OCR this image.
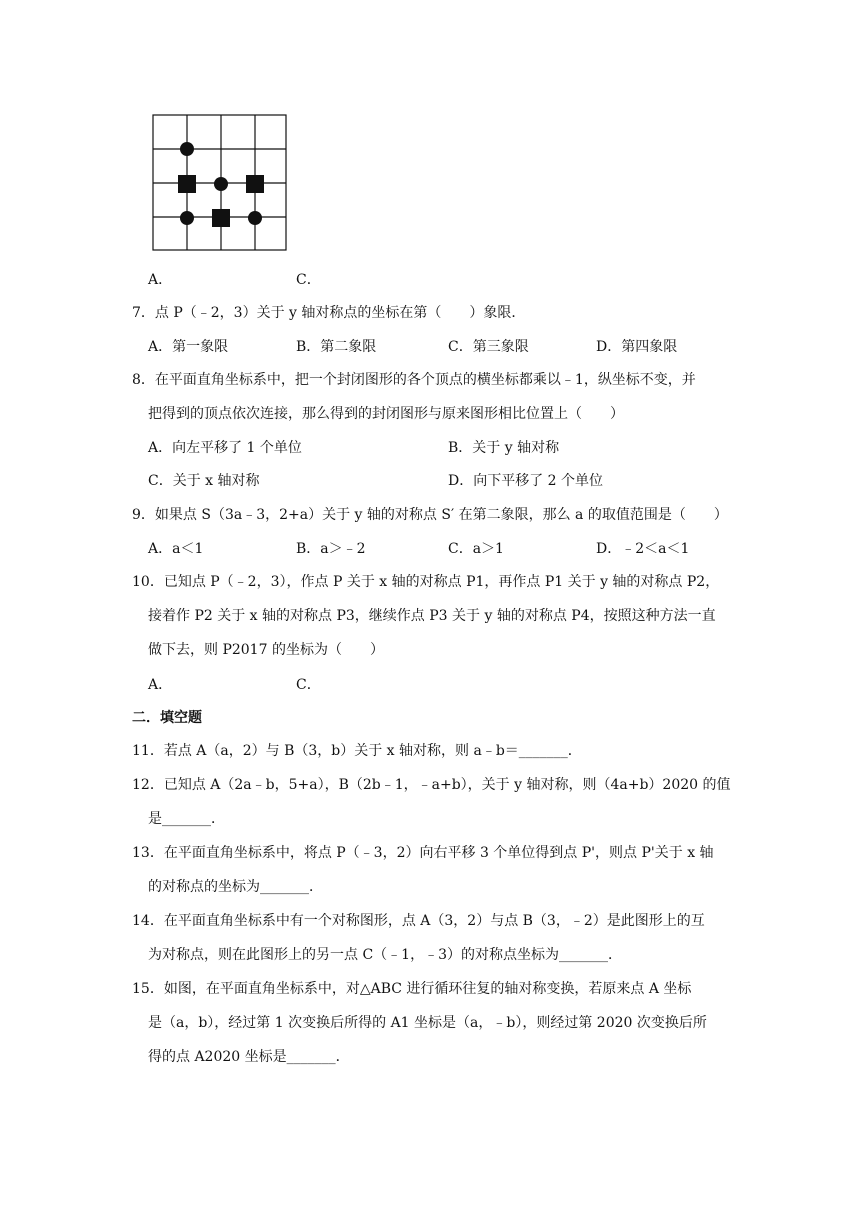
A．	C．
7．点 P（﹣2，3）关于 y 轴对称点的坐标在第（　　）象限．
A．第一象限	B．第二象限	C．第三象限	D．第四象限
8．在平面直角坐标系中，把一个封闭图形的各个顶点的横坐标都乘以﹣1，纵坐标不变，并
把得到的顶点依次连接，那么得到的封闭图形与原来图形相比位置上（　　）
A．向左平移了 1 个单位	B．关于 y 轴对称
C．关于 x 轴对称	D．向下平移了 2 个单位
9．如果点 S（3a﹣3，2+a）关于 y 轴的对称点 S′ 在第二象限，那么 a 的取值范围是（　　）
A．a＜1	B．a＞﹣2	C．a＞1	D．﹣2＜a＜1
10．已知点 P（﹣2，3），作点 P 关于 x 轴的对称点 P1，再作点 P1 关于 y 轴的对称点 P2，
接着作 P2 关于 x 轴的对称点 P3，继续作点 P3 关于 y 轴的对称点 P4，按照这种方法一直
做下去，则 P2017 的坐标为（　　）
A．	C．
二．填空题
11．若点 A（a，2）与 B（3，b）关于 x 轴对称，则 a﹣b＝_______．
12．已知点 A（2a﹣b，5+a），B（2b﹣1，﹣a+b），关于 y 轴对称，则（4a+b）2020 的值
是_______．
13．在平面直角坐标系中，将点 P（﹣3，2）向右平移 3 个单位得到点 P'，则点 P'关于 x 轴
的对称点的坐标为_______．
14．在平面直角坐标系中有一个对称图形，点 A（3，2）与点 B（3，﹣2）是此图形上的互
为对称点，则在此图形上的另一点 C（﹣1，﹣3）的对称点坐标为_______．
15．如图，在平面直角坐标系中，对△ABC 进行循环往复的轴对称变换，若原来点 A 坐标
是（a，b），经过第 1 次变换后所得的 A1 坐标是（a，﹣b），则经过第 2020 次变换后所
得的点 A2020 坐标是_______．
